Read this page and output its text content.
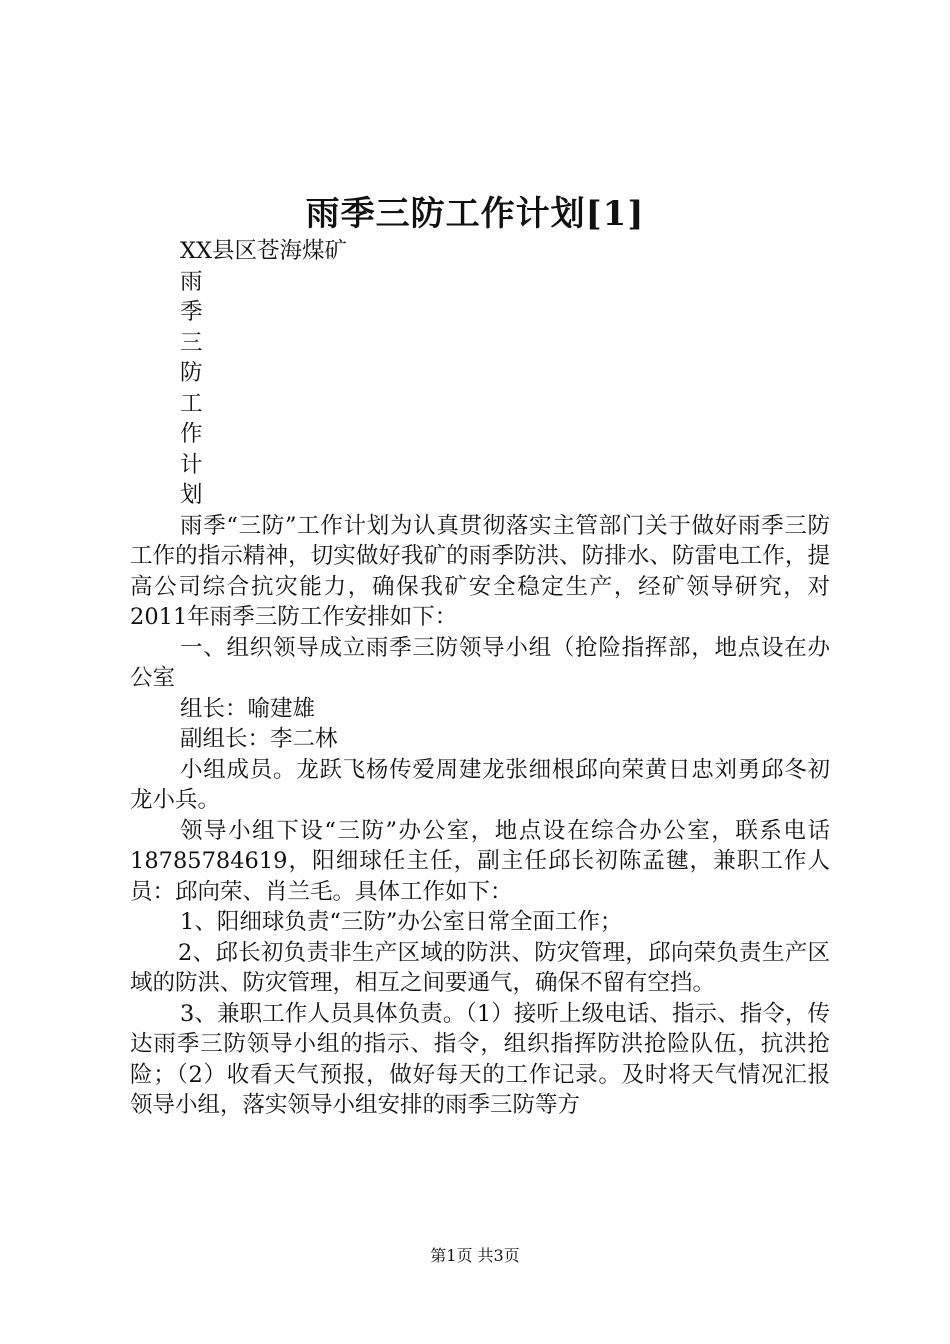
雨季三防工作计划[1]

XX县区苍海煤矿

雨

季

三

防

工

作

计

划

雨季“三防”工作计划为认真贯彻落实主管部门关于做好雨季三防工作的指示精神，切实做好我矿的雨季防洪、防排水、防雷电工作，提高公司综合抗灾能力，确保我矿安全稳定生产，经矿领导研究，对2011年雨季三防工作安排如下：

一、组织领导成立雨季三防领导小组（抢险指挥部，地点设在办公室

组长：喻建雄

副组长：李二林

小组成员。龙跃飞杨传爱周建龙张细根邱向荣黄日忠刘勇邱冬初龙小兵。

领导小组下设“三防”办公室，地点设在综合办公室，联系电话18785784619，阳细球任主任，副主任邱长初陈孟毽，兼职工作人员：邱向荣、肖兰毛。具体工作如下：

1、阳细球负责“三防”办公室日常全面工作；

2、邱长初负责非生产区域的防洪、防灾管理，邱向荣负责生产区域的防洪、防灾管理，相互之间要通气，确保不留有空挡。

3、兼职工作人员具体负责。（1）接听上级电话、指示、指令，传达雨季三防领导小组的指示、指令，组织指挥防洪抢险队伍，抗洪抢险；（2）收看天气预报，做好每天的工作记录。及时将天气情况汇报领导小组，落实领导小组安排的雨季三防等方

第1页 共3页
